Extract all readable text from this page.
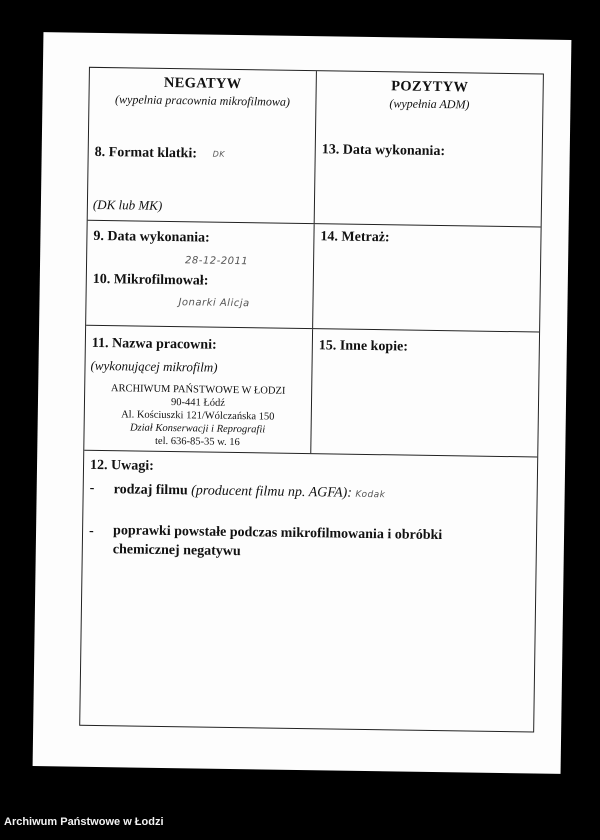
NEGATYW
(wypelnia pracownia mikrofilmowa)
8. Format klatki: DK
(DK lub MK)
POZYTYW
(wypełnia ADM)
13. Data wykonania:
9. Data wykonania:
28-12-2011
10. Mikrofilmował:
Jonarki Alicja
14. Metraż:
11. Nazwa pracowni:
(wykonującej mikrofilm)
ARCHIWUM PAŃSTWOWE W ŁODZI
90-441 Łódź
Al. Kościuszki 121/Wólczańska 150
Dział Konserwacji i Reprografii
tel. 636-85-35 w. 16
15. Inne kopie:
12. Uwagi:
- rodzaj filmu (producent filmu np. AGFA): Kodak
- poprawki powstałe podczas mikrofilmowania i obróbki
chemicznej negatywu
Archiwum Państwowe w Łodzi
